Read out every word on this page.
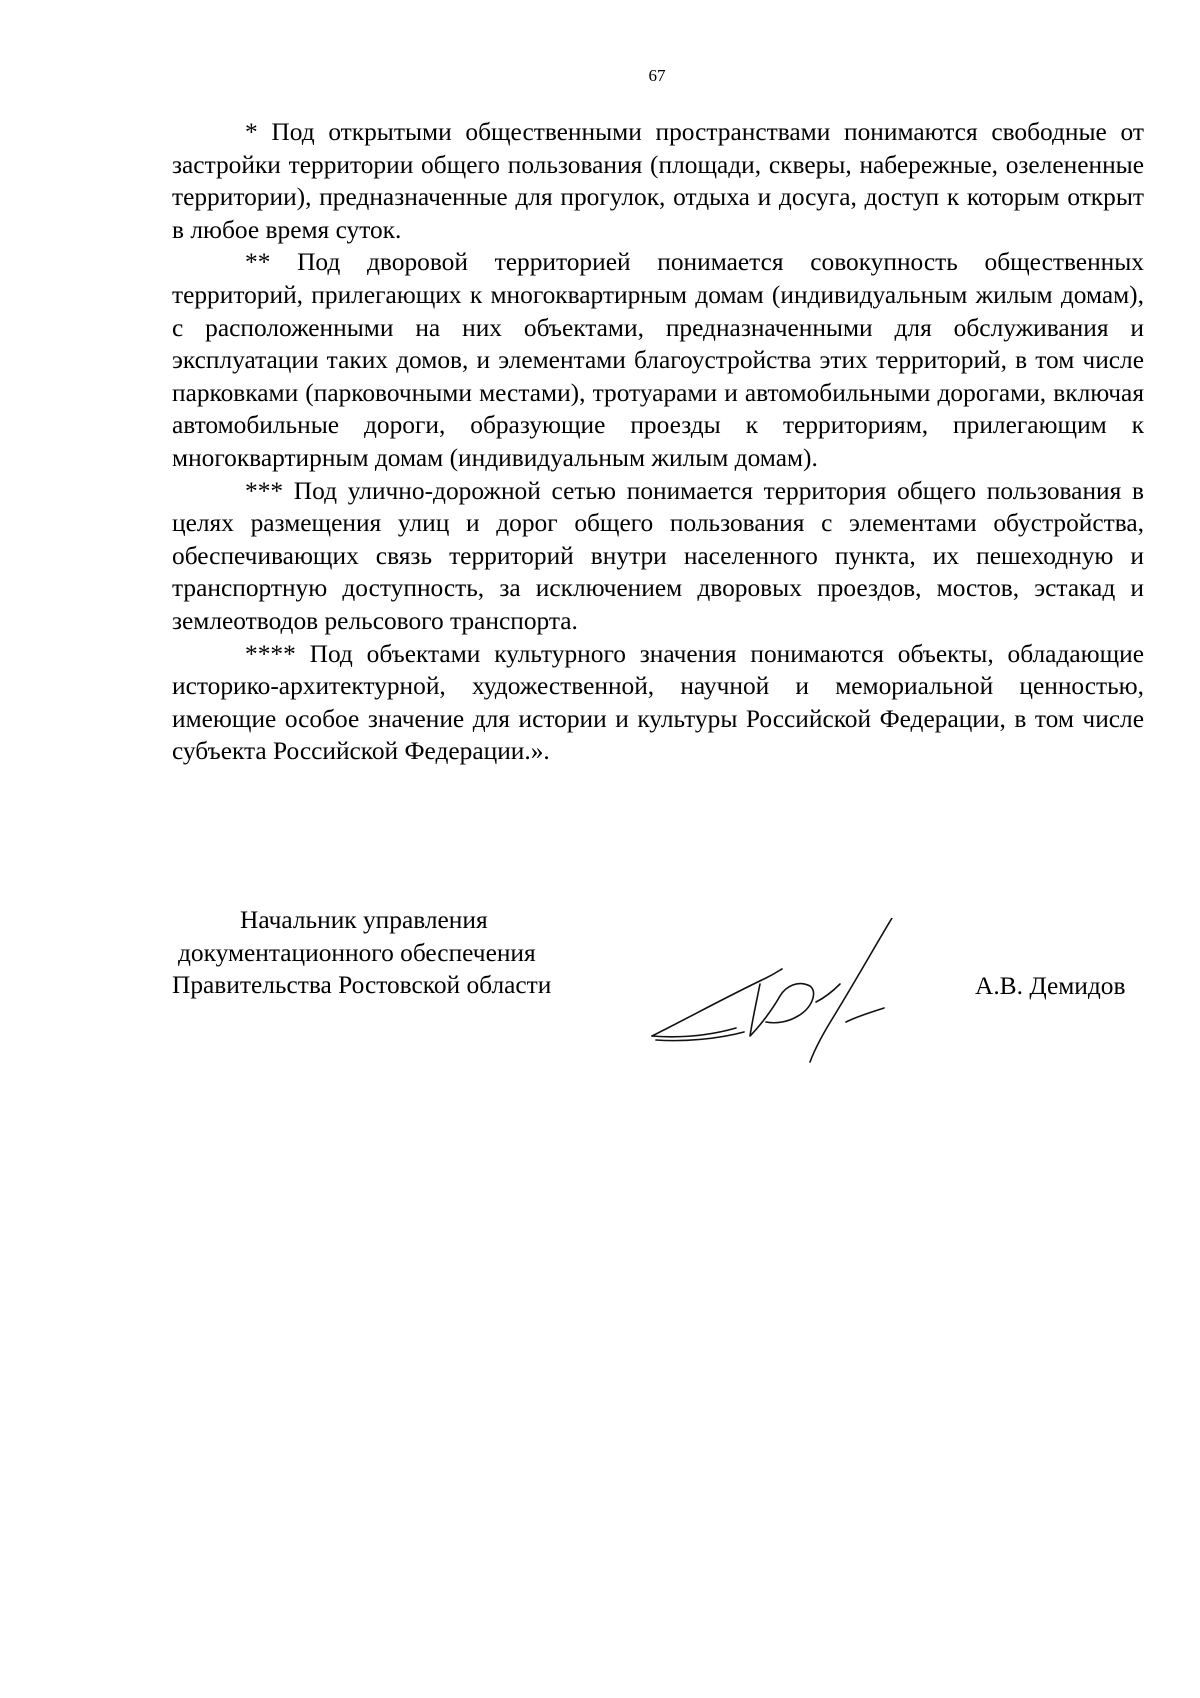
67

* Под открытыми общественными пространствами понимаются свободные от застройки территории общего пользования (площади, скверы, набережные, озелененные территории), предназначенные для прогулок, отдыха и досуга, доступ к которым открыт в любое время суток.

** Под дворовой территорией понимается совокупность общественных территорий, прилегающих к многоквартирным домам (индивидуальным жилым домам), с расположенными на них объектами, предназначенными для обслуживания и эксплуатации таких домов, и элементами благоустройства этих территорий, в том числе парковками (парковочными местами), тротуарами и автомобильными дорогами, включая автомобильные дороги, образующие проезды к территориям, прилегающим к многоквартирным домам (индивидуальным жилым домам).

*** Под улично-дорожной сетью понимается территория общего пользования в целях размещения улиц и дорог общего пользования с элементами обустройства, обеспечивающих связь территорий внутри населенного пункта, их пешеходную и транспортную доступность, за исключением дворовых проездов, мостов, эстакад и землеотводов рельсового транспорта.

**** Под объектами культурного значения понимаются объекты, обладающие историко-архитектурной, художественной, научной и мемориальной ценностью, имеющие особое значение для истории и культуры Российской Федерации, в том числе субъекта Российской Федерации.».

Начальник управления
документационного обеспечения
Правительства Ростовской области	А.В. Демидов
